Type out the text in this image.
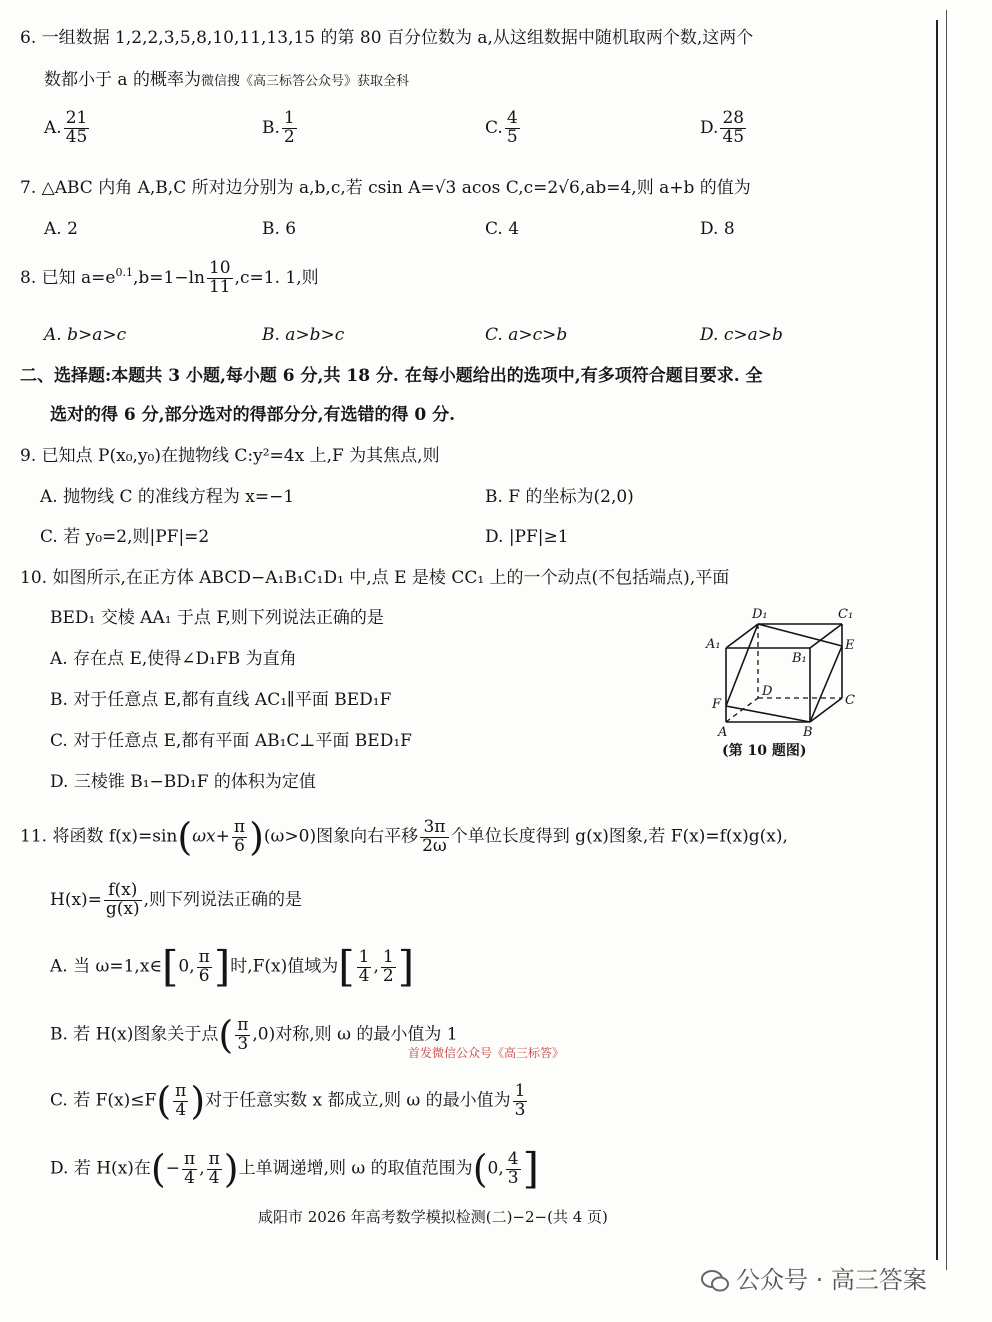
6. 一组数据 1,2,2,3,5,8,10,11,13,15 的第 80 百分位数为 a,从这组数据中随机取两个数,这两个
数都小于 a 的概率为微信搜《高三标答公众号》获取全科
A. $\frac{21}{45}$	B. $\frac{1}{2}$	C. $\frac{4}{5}$	D. $\frac{28}{45}$
7. △ABC 内角 A,B,C 所对边分别为 a,b,c,若 csin A=√3 acos C,c=2√6,ab=4,则 a+b 的值为
A. 2	B. 6	C. 4	D. 8
8. 已知 $a=e^{0.1},b=1-\ln \frac{10}{11} ,c=1$. 1,则
A. b>a>c	B. a>b>c	C. a>c>b	D. c>a>b
二、选择题:本题共 3 小题,每小题 6 分,共 18 分. 在每小题给出的选项中,有多项符合题目要求. 全
选对的得 6 分,部分选对的得部分分,有选错的得 0 分.
9. 已知点 P(x₀,y₀)在抛物线 C:y²=4x 上,F 为其焦点,则
A. 抛物线 C 的准线方程为 x=−1	B. F 的坐标为(2,0)
C. 若 y₀=2,则|PF|=2	D. |PF|≥1
10. 如图所示,在正方体 ABCD−A₁B₁C₁D₁ 中,点 E 是棱 CC₁ 上的一个动点(不包括端点),平面
BED₁ 交棱 AA₁ 于点 F,则下列说法正确的是
A. 存在点 E,使得∠D₁FB 为直角
B. 对于任意点 E,都有直线 AC₁∥平面 BED₁F
C. 对于任意点 E,都有平面 AB₁C⊥平面 BED₁F
D. 三棱锥 B₁−BD₁F 的体积为定值
D₁	C₁
A₁
B₁
E
D
F	C
A	B
(第 10 题图)
11. 将函数 $f(x)=\sin(\omega x+ \frac{\pi}{6} )(\omega>0)$图象向右平移 $\frac{3\pi}{2\omega}$ 个单位长度得到 g(x)图象,若 F(x)=f(x)g(x),
$H(x)= \frac{f(x)}{g(x)}$ ,则下列说法正确的是
A. 当 ω=1,x∈[0, $\frac{\pi}{6}$ ]时,F(x)值域为[ $\frac{1}{4}$ , $\frac{1}{2}$ ]
B. 若 H(x)图象关于点( $\frac{\pi}{3} ,0$)对称,则 ω 的最小值为 1
首发微信公众号《高三标答》
C. 若 $F(x)\le F( \frac{\pi}{4}$ )对于任意实数 x 都成立,则 ω 的最小值为 $\frac{1}{3}$
D. 若 H(x)在(− $\frac{\pi}{4}$ , $\frac{\pi}{4}$ )上单调递增,则 ω 的取值范围为(0, $\frac{4}{3}$ ]
咸阳市 2026 年高考数学模拟检测(二)−2−(共 4 页)
公众号 · 高三答案
